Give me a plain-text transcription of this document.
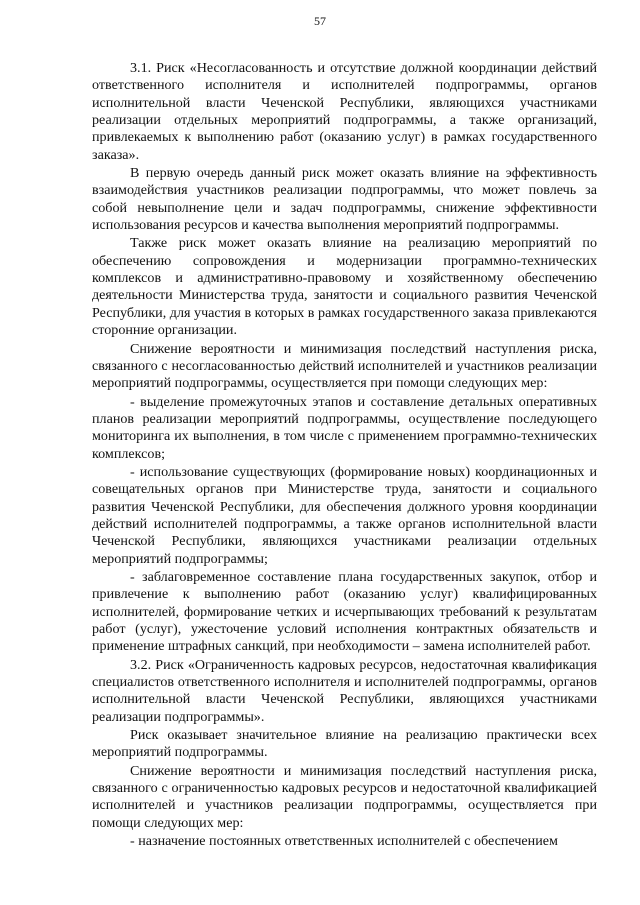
57

3.1. Риск «Несогласованность и отсутствие должной координации действий ответственного исполнителя и исполнителей подпрограммы, органов исполнительной власти Чеченской Республики, являющихся участниками реализации отдельных мероприятий подпрограммы, а также организаций, привлекаемых к выполнению работ (оказанию услуг) в рамках государственного заказа».

В первую очередь данный риск может оказать влияние на эффективность взаимодействия участников реализации подпрограммы, что может повлечь за собой невыполнение цели и задач подпрограммы, снижение эффективности использования ресурсов и качества выполнения мероприятий подпрограммы.

Также риск может оказать влияние на реализацию мероприятий по обеспечению сопровождения и модернизации программно-технических комплексов и административно-правовому и хозяйственному обеспечению деятельности Министерства труда, занятости и социального развития Чеченской Республики, для участия в которых в рамках государственного заказа привлекаются сторонние организации.

Снижение вероятности и минимизация последствий наступления риска, связанного с несогласованностью действий исполнителей и участников реализации мероприятий подпрограммы, осуществляется при помощи следующих мер:

- выделение промежуточных этапов и составление детальных оперативных планов реализации мероприятий подпрограммы, осуществление последующего мониторинга их выполнения, в том числе с применением программно-технических комплексов;

- использование существующих (формирование новых) координационных и совещательных органов при Министерстве труда, занятости и социального развития Чеченской Республики, для обеспечения должного уровня координации действий исполнителей подпрограммы, а также органов исполнительной власти Чеченской Республики, являющихся участниками реализации отдельных мероприятий подпрограммы;

- заблаговременное составление плана государственных закупок, отбор и привлечение к выполнению работ (оказанию услуг) квалифицированных исполнителей, формирование четких и исчерпывающих требований к результатам работ (услуг), ужесточение условий исполнения контрактных обязательств и применение штрафных санкций, при необходимости – замена исполнителей работ.

3.2. Риск «Ограниченность кадровых ресурсов, недостаточная квалификация специалистов ответственного исполнителя и исполнителей подпрограммы, органов исполнительной власти Чеченской Республики, являющихся участниками реализации подпрограммы».

Риск оказывает значительное влияние на реализацию практически всех мероприятий подпрограммы.

Снижение вероятности и минимизация последствий наступления риска, связанного с ограниченностью кадровых ресурсов и недостаточной квалификацией исполнителей и участников реализации подпрограммы, осуществляется при помощи следующих мер:

- назначение постоянных ответственных исполнителей с обеспечением
